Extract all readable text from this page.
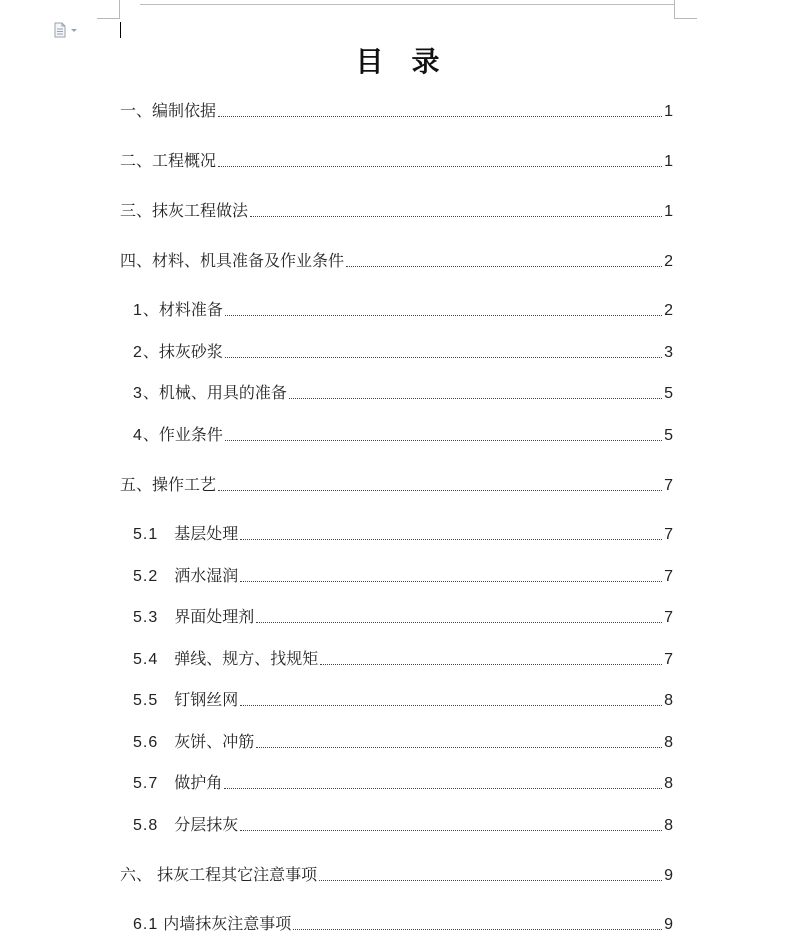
目 录
一、编制依据	1
二、工程概况	1
三、抹灰工程做法	1
四、材料、机具准备及作业条件	2
1、材料准备	2
2、抹灰砂浆	3
3、机械、用具的准备	5
4、作业条件	5
五、操作工艺	7
5.1 基层处理	7
5.2 洒水湿润	7
5.3 界面处理剂	7
5.4 弹线、规方、找规矩	7
5.5 钉钢丝网	8
5.6 灰饼、冲筋	8
5.7 做护角	8
5.8 分层抹灰	8
六、 抹灰工程其它注意事项	9
6.1 内墙抹灰注意事项	9
